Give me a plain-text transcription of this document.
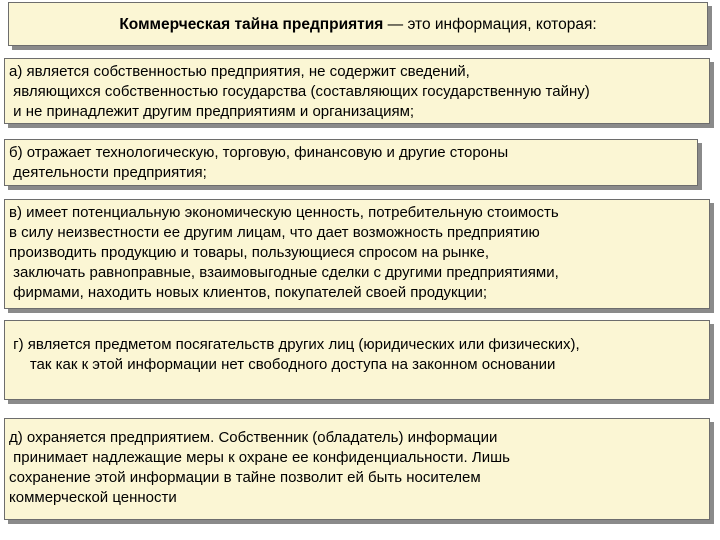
Коммерческая тайна предприятия — это информация, которая:
а) является собственностью предприятия, не содержит сведений,
являющихся собственностью государства (составляющих государственную тайну)
и не принадлежит другим предприятиям и организациям;
б) отражает технологическую, торговую, финансовую и другие стороны
деятельности предприятия;
в) имеет потенциальную экономическую ценность, потребительную стоимость
в силу неизвестности ее другим лицам, что дает возможность предприятию
производить продукцию и товары, пользующиеся спросом на рынке,
заключать равноправные, взаимовыгодные сделки с другими предприятиями,
фирмами, находить новых клиентов, покупателей своей продукции;
г) является предметом посягательств других лиц (юридических или физических),
так как к этой информации нет свободного доступа на законном основании
д) охраняется предприятием. Собственник (обладатель) информации
принимает надлежащие меры к охране ее конфиденциальности. Лишь
сохранение этой информации в тайне позволит ей быть носителем
коммерческой ценности
